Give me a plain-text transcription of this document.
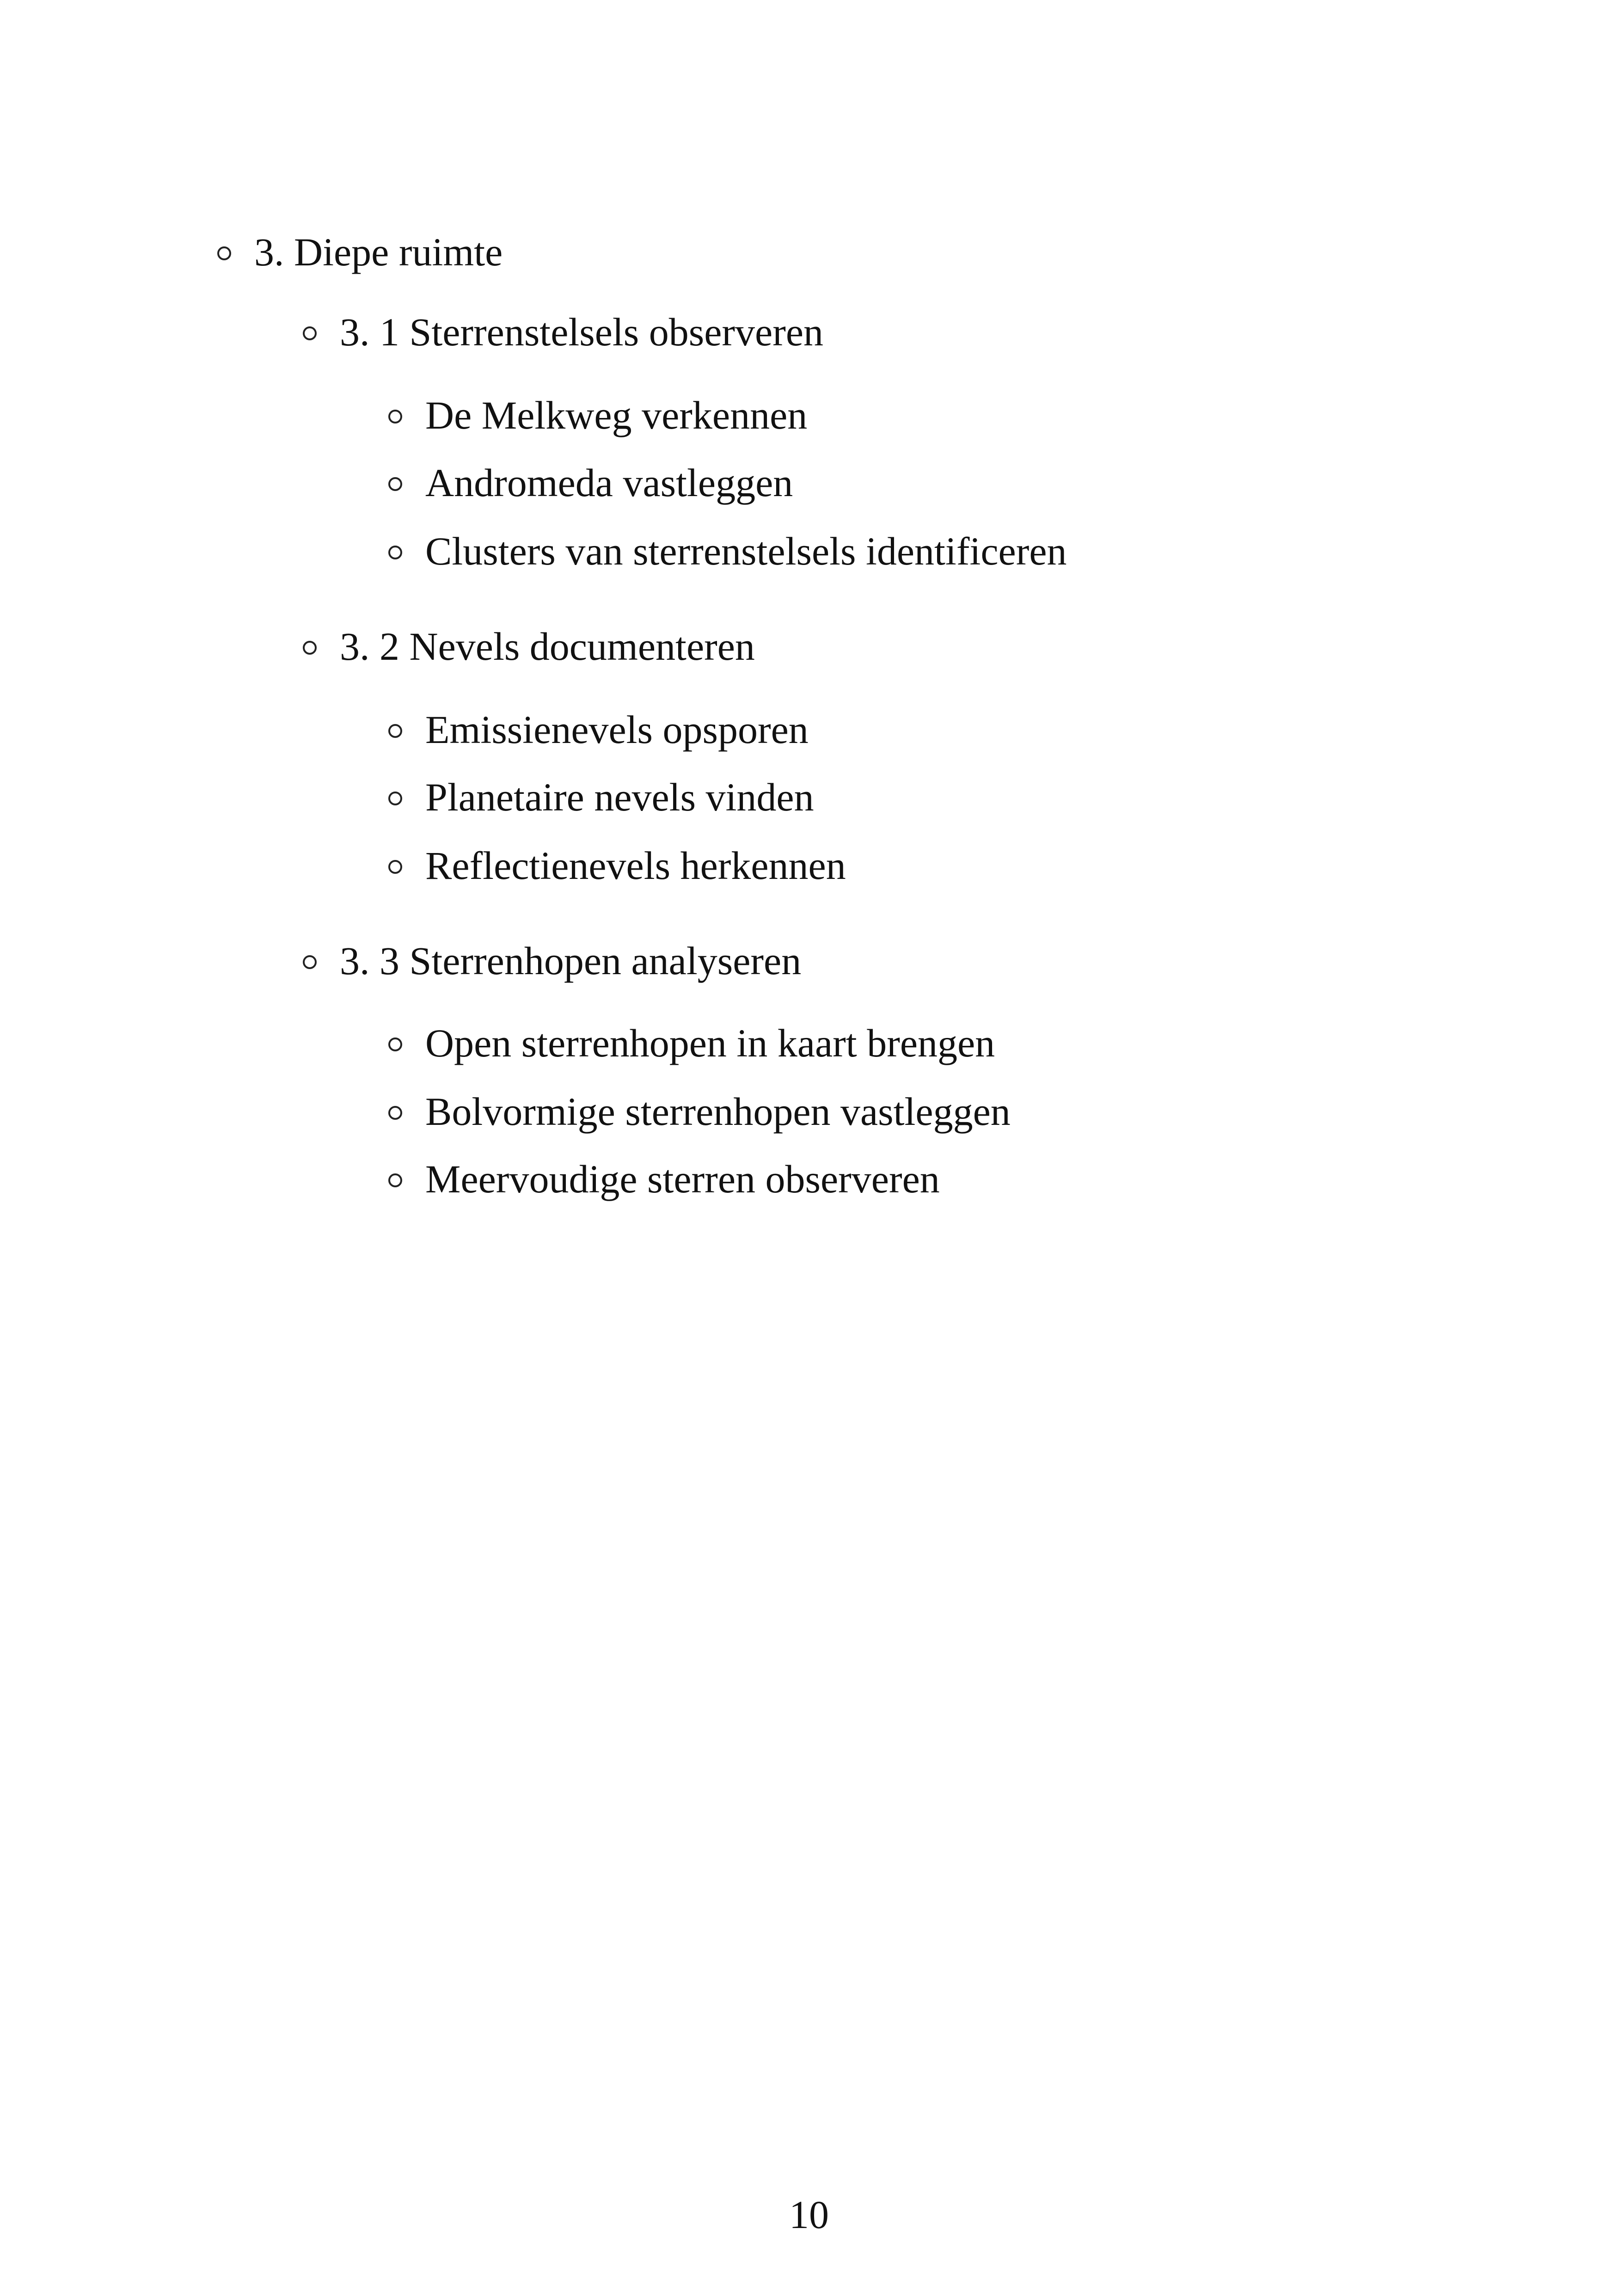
3. Diepe ruimte
3. 1 Sterrenstelsels observeren
De Melkweg verkennen
Andromeda vastleggen
Clusters van sterrenstelsels identificeren
3. 2 Nevels documenteren
Emissienevels opsporen
Planetaire nevels vinden
Reflectienevels herkennen
3. 3 Sterrenhopen analyseren
Open sterrenhopen in kaart brengen
Bolvormige sterrenhopen vastleggen
Meervoudige sterren observeren
10
